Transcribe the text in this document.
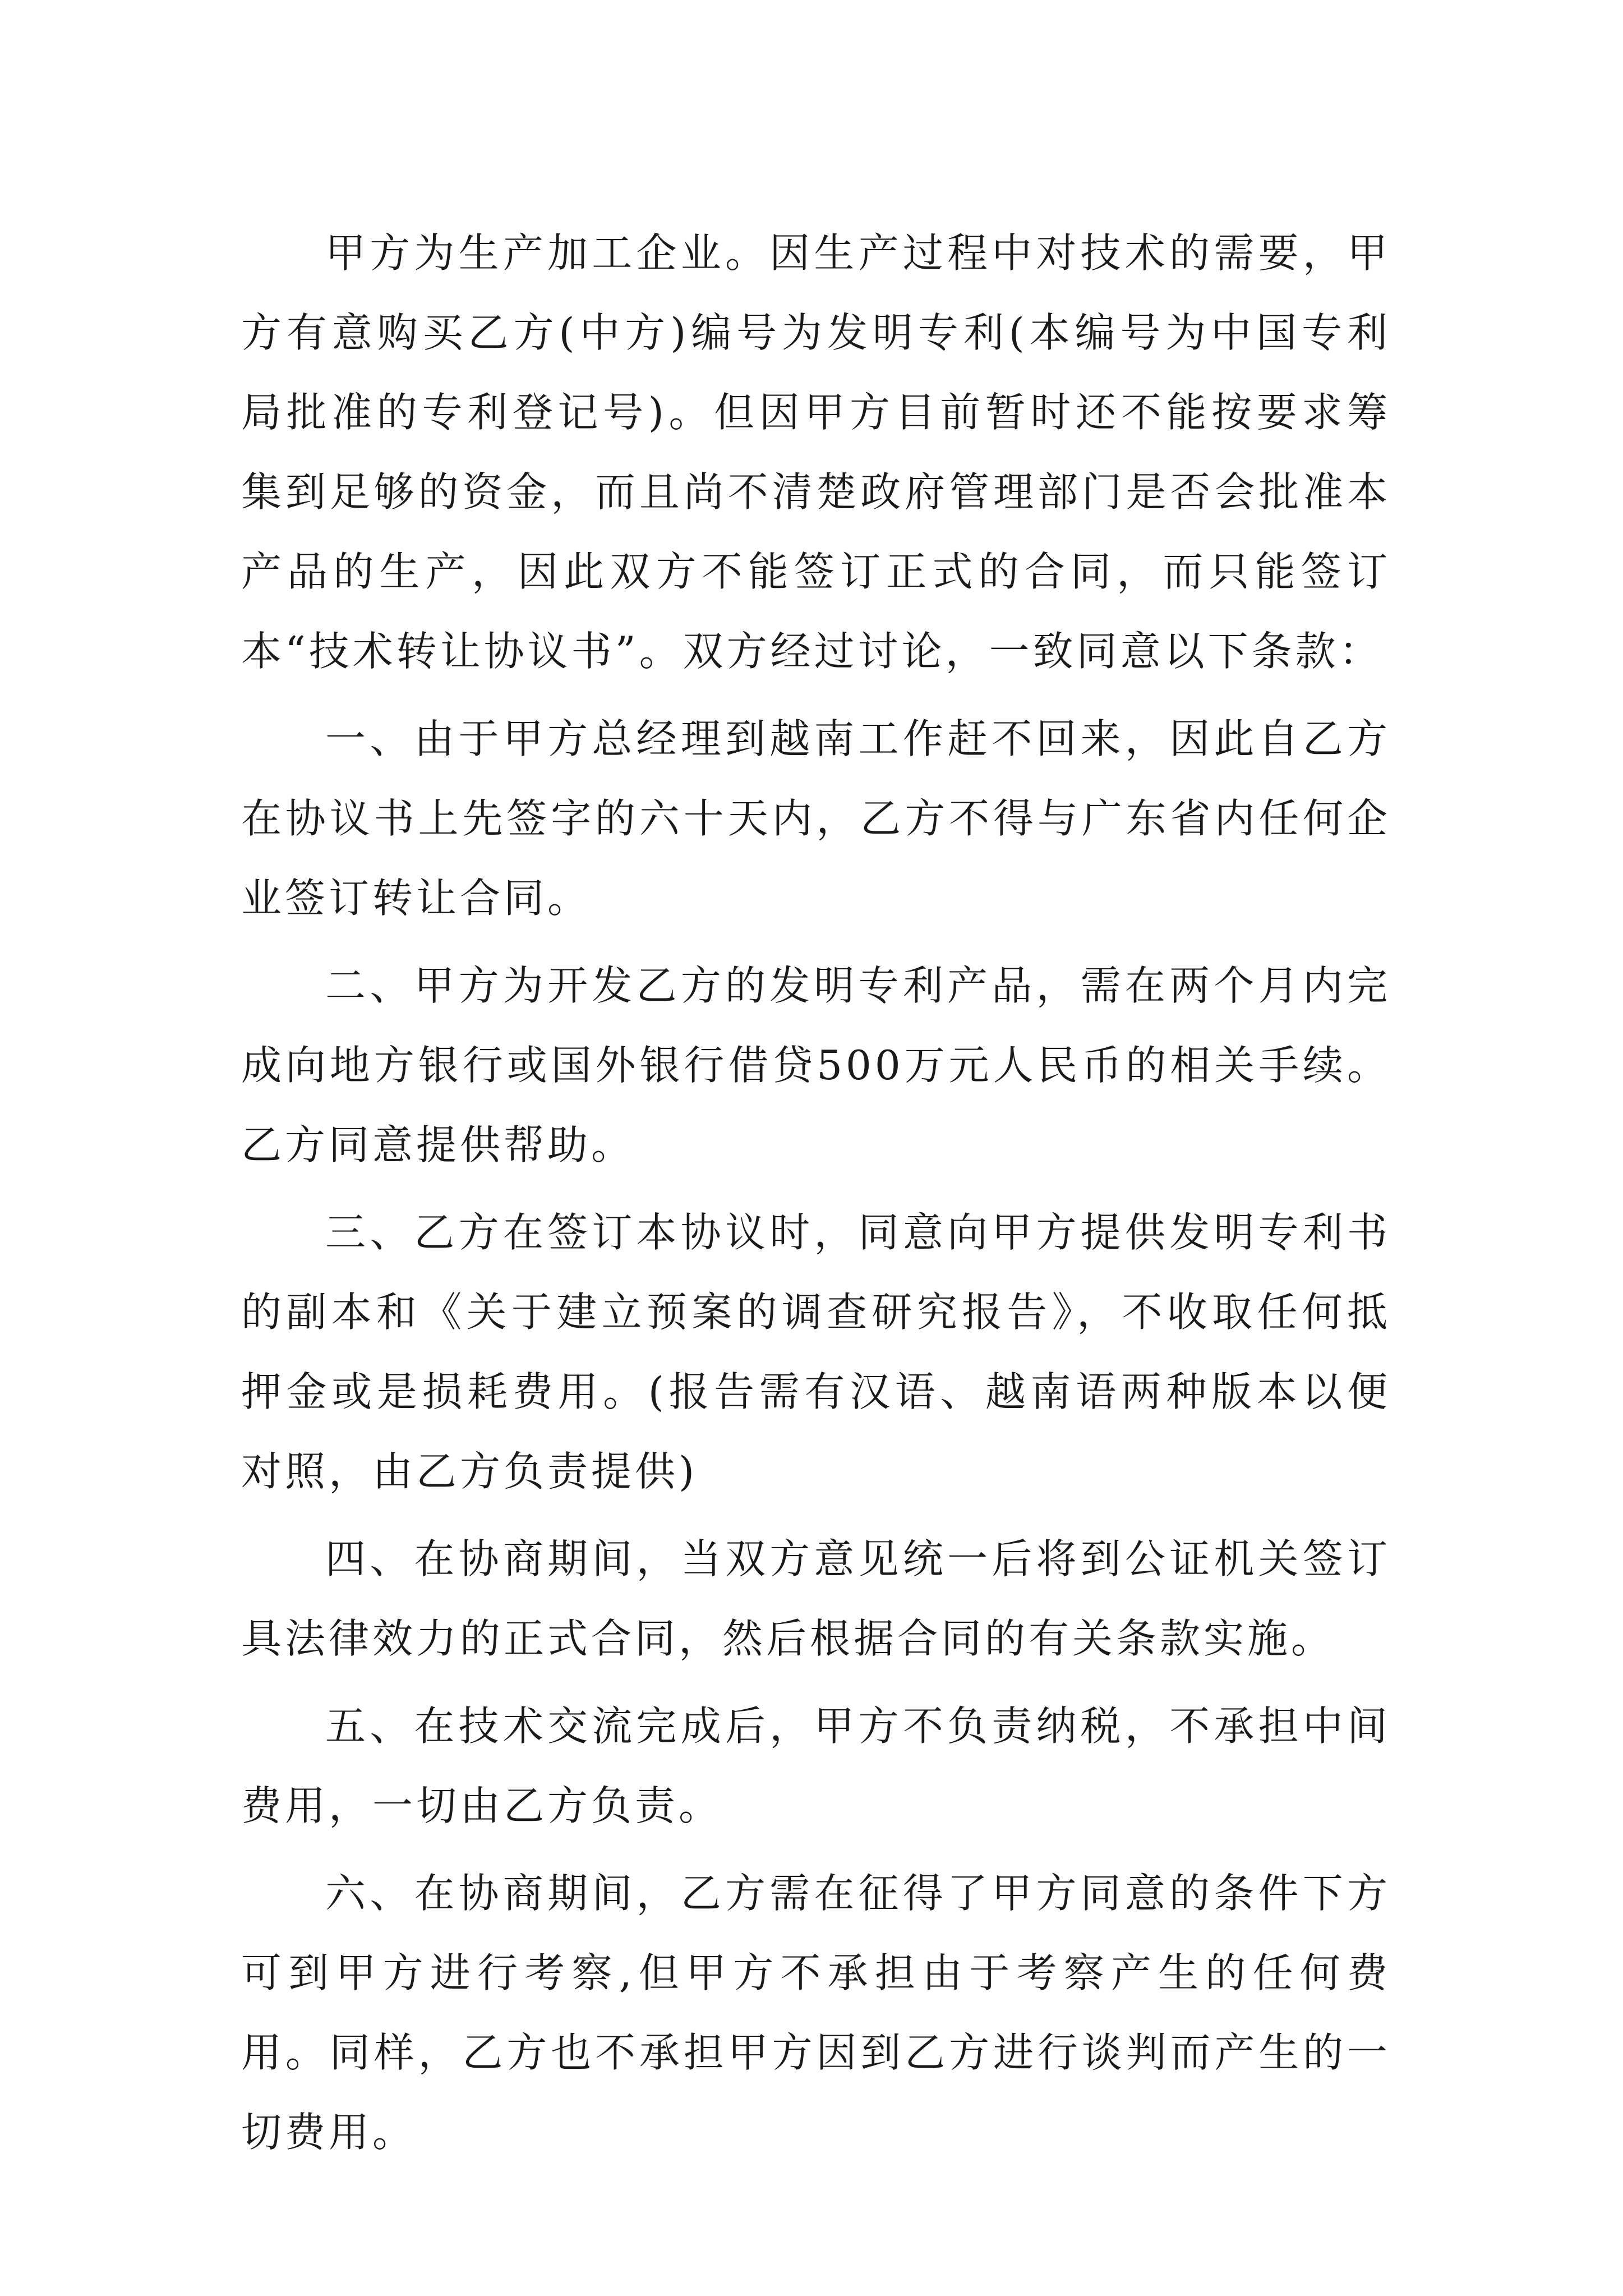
甲方为生产加工企业。因生产过程中对技术的需要，甲方有意购买乙方(中方)编号为发明专利(本编号为中国专利局批准的专利登记号)。但因甲方目前暂时还不能按要求筹集到足够的资金，而且尚不清楚政府管理部门是否会批准本产品的生产，因此双方不能签订正式的合同，而只能签订本“技术转让协议书”。双方经过讨论，一致同意以下条款：

一、由于甲方总经理到越南工作赶不回来，因此自乙方在协议书上先签字的六十天内，乙方不得与广东省内任何企业签订转让合同。

二、甲方为开发乙方的发明专利产品，需在两个月内完成向地方银行或国外银行借贷500万元人民币的相关手续。乙方同意提供帮助。

三、乙方在签订本协议时，同意向甲方提供发明专利书的副本和《关于建立预案的调查研究报告》，不收取任何抵押金或是损耗费用。(报告需有汉语、越南语两种版本以便对照，由乙方负责提供)

四、在协商期间，当双方意见统一后将到公证机关签订具法律效力的正式合同，然后根据合同的有关条款实施。

五、在技术交流完成后，甲方不负责纳税，不承担中间费用，一切由乙方负责。

六、在协商期间，乙方需在征得了甲方同意的条件下方可到甲方进行考察,但甲方不承担由于考察产生的任何费用。同样，乙方也不承担甲方因到乙方进行谈判而产生的一切费用。
